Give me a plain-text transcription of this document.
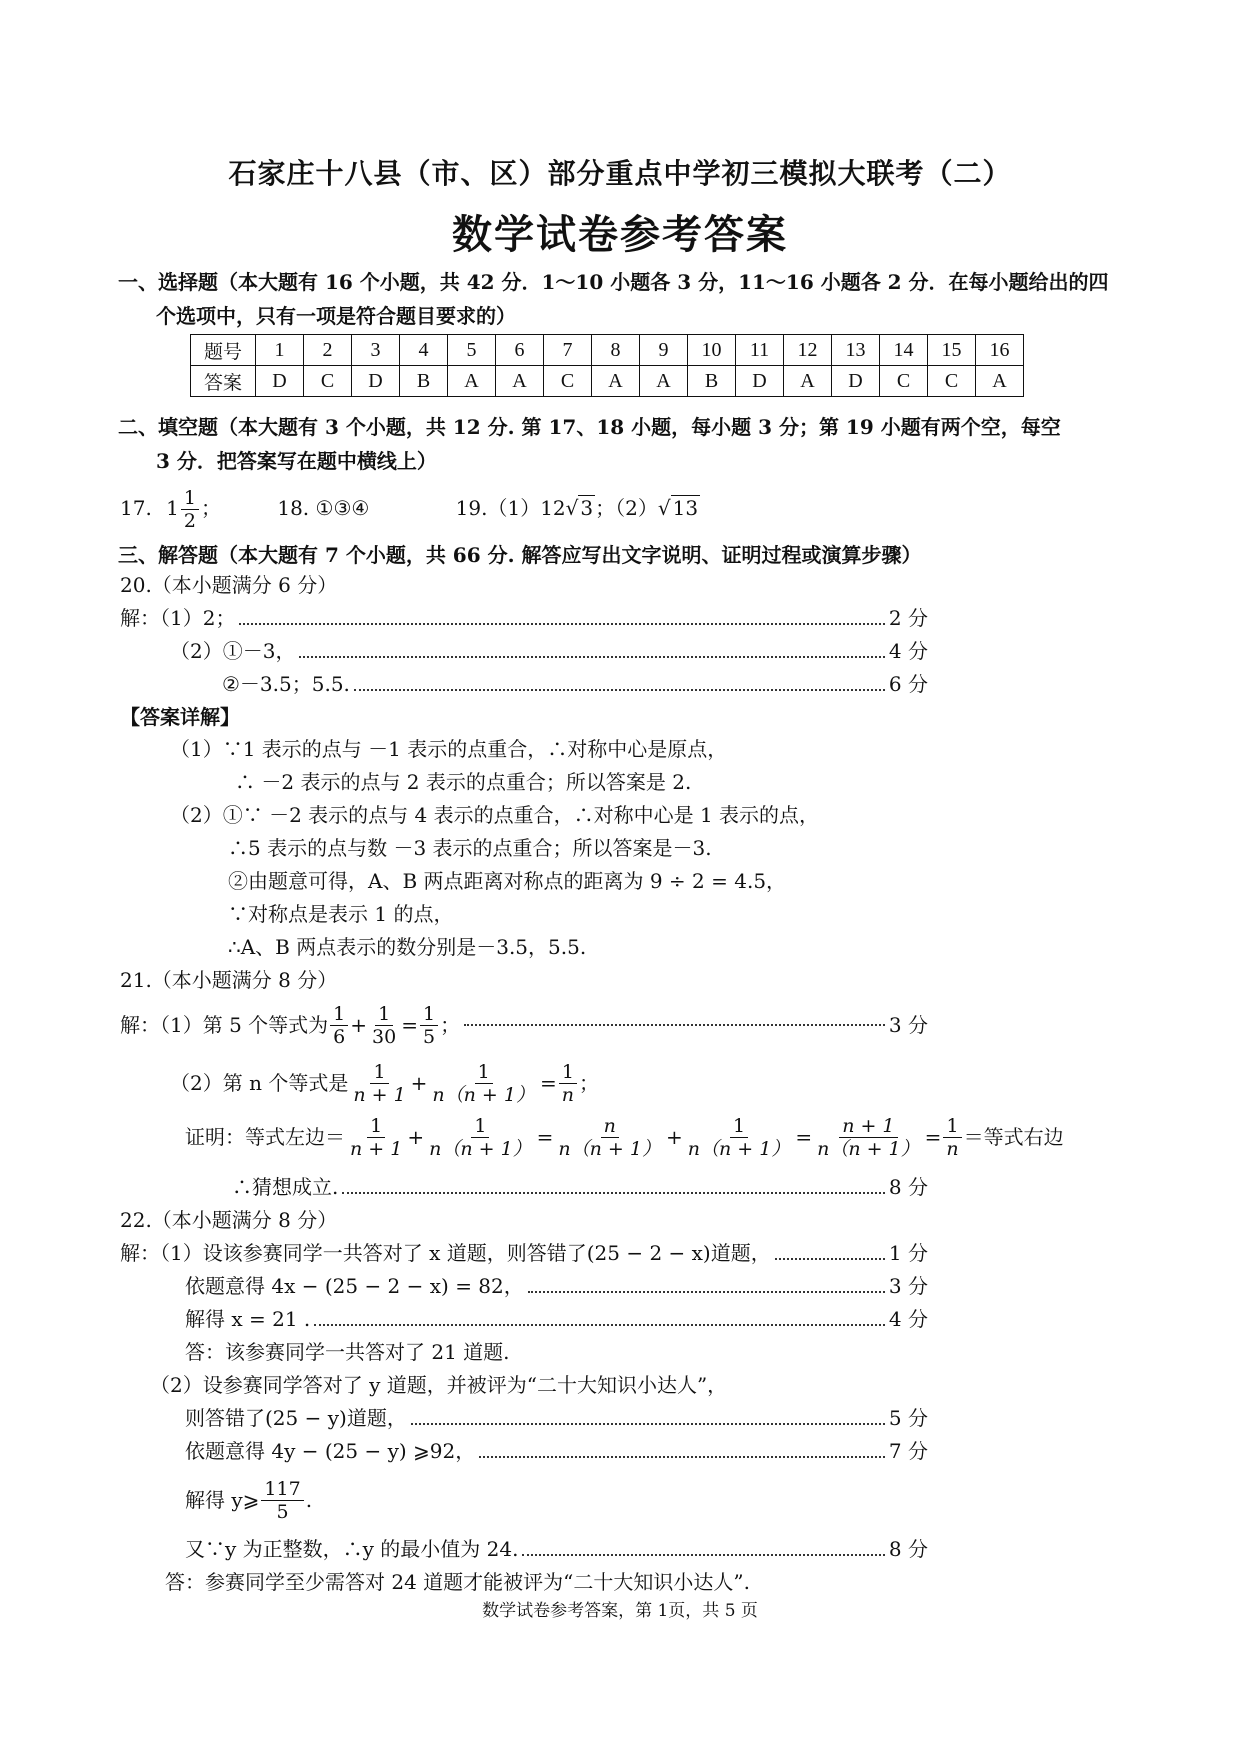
石家庄十八县（市、区）部分重点中学初三模拟大联考（二）
数学试卷参考答案
一、选择题（本大题有 16 个小题，共 42 分．1～10 小题各 3 分，11～16 小题各 2 分．在每小题给出的四
个选项中，只有一项是符合题目要求的）
题号	1	2	3	4	5	6	7	8	9	10	11	12	13	14	15	16
答案	D	C	D	B	A	A	C	A	A	B	D	A	D	C	C	A
二、填空题（本大题有 3 个小题，共 12 分. 第 17、18 小题，每小题 3 分；第 19 小题有两个空，每空
3 分．把答案写在题中横线上）
17. $1 \frac{1}{2}$ ；	18. ①③④	19.（1）12√ 3 ；（2）√ 13
三、解答题（本大题有 7 个小题，共 66 分. 解答应写出文字说明、证明过程或演算步骤）
20.（本小题满分 6 分）
解：（1）2；	2 分
（2）①－3，	4 分
②－3.5；5.5.	6 分
【答案详解】
（1）∵1 表示的点与 －1 表示的点重合，∴对称中心是原点，
∴ －2 表示的点与 2 表示的点重合；所以答案是 2.
（2）①∵ －2 表示的点与 4 表示的点重合，∴对称中心是 1 表示的点，
∴5 表示的点与数 －3 表示的点重合；所以答案是－3.
②由题意可得，A、B 两点距离对称点的距离为 9 ÷ 2 = 4.5，
∵对称点是表示 1 的点，
∴A、B 两点表示的数分别是－3.5，5.5.
21.（本小题满分 8 分）
解：（1）第 5 个等式为 $\frac{1}{6} + \frac{1}{30} = \frac{1}{5}$ ；	3 分
（2）第 n 个等式是 $\frac{1}{n + 1} + \frac{1}{n(n + 1)} = \frac{1}{n}$ ；
证明：等式左边＝ $\frac{1}{n + 1} + \frac{1}{n(n + 1)} = \frac{n}{n(n + 1)} + \frac{1}{n(n + 1)} = \frac{n + 1}{n(n + 1)} = \frac{1}{n}$ ＝等式右边
∴猜想成立.	8 分
22.（本小题满分 8 分）
解：（1）设该参赛同学一共答对了 x 道题，则答错了(25 − 2 − x)道题，	1 分
依题意得 4x − (25 − 2 − x) = 82，	3 分
解得 x = 21 .	4 分
答：该参赛同学一共答对了 21 道题.
（2）设参赛同学答对了 y 道题，并被评为“二十大知识小达人”，
则答错了(25 − y)道题，	5 分
依题意得 4y − (25 − y) ⩾92，	7 分
解得 y⩾ $\frac{117}{5}$ .
又∵y 为正整数，∴y 的最小值为 24.	8 分
答：参赛同学至少需答对 24 道题才能被评为“二十大知识小达人”.
数学试卷参考答案，第 1页，共 5 页
